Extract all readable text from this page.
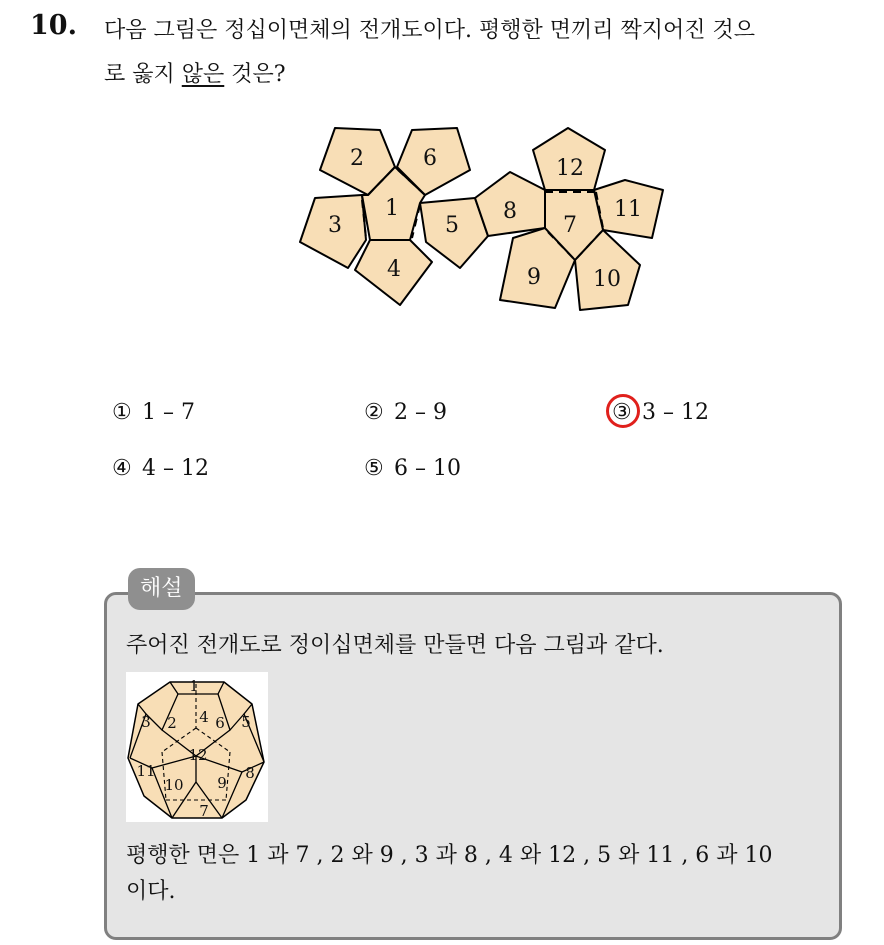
10. 다음 그림은 정십이면체의 전개도이다. 평행한 면끼리 짝지어진 것으
로 옳지 않은 것은?
2	6
1
3	5
4
8
12
7
11
9 10
① 1 – 7	② 2 – 9	③ 3 – 12
④ 4 – 12	⑤ 6 – 10
해설
주어진 전개도로 정이십면체를 만들면 다음 그림과 같다.
1
3 2 4 6 5
12
11
10 9
8
7
평행한 면은 1 과 7 , 2 와 9 , 3 과 8 , 4 와 12 , 5 와 11 , 6 과 10
이다.
